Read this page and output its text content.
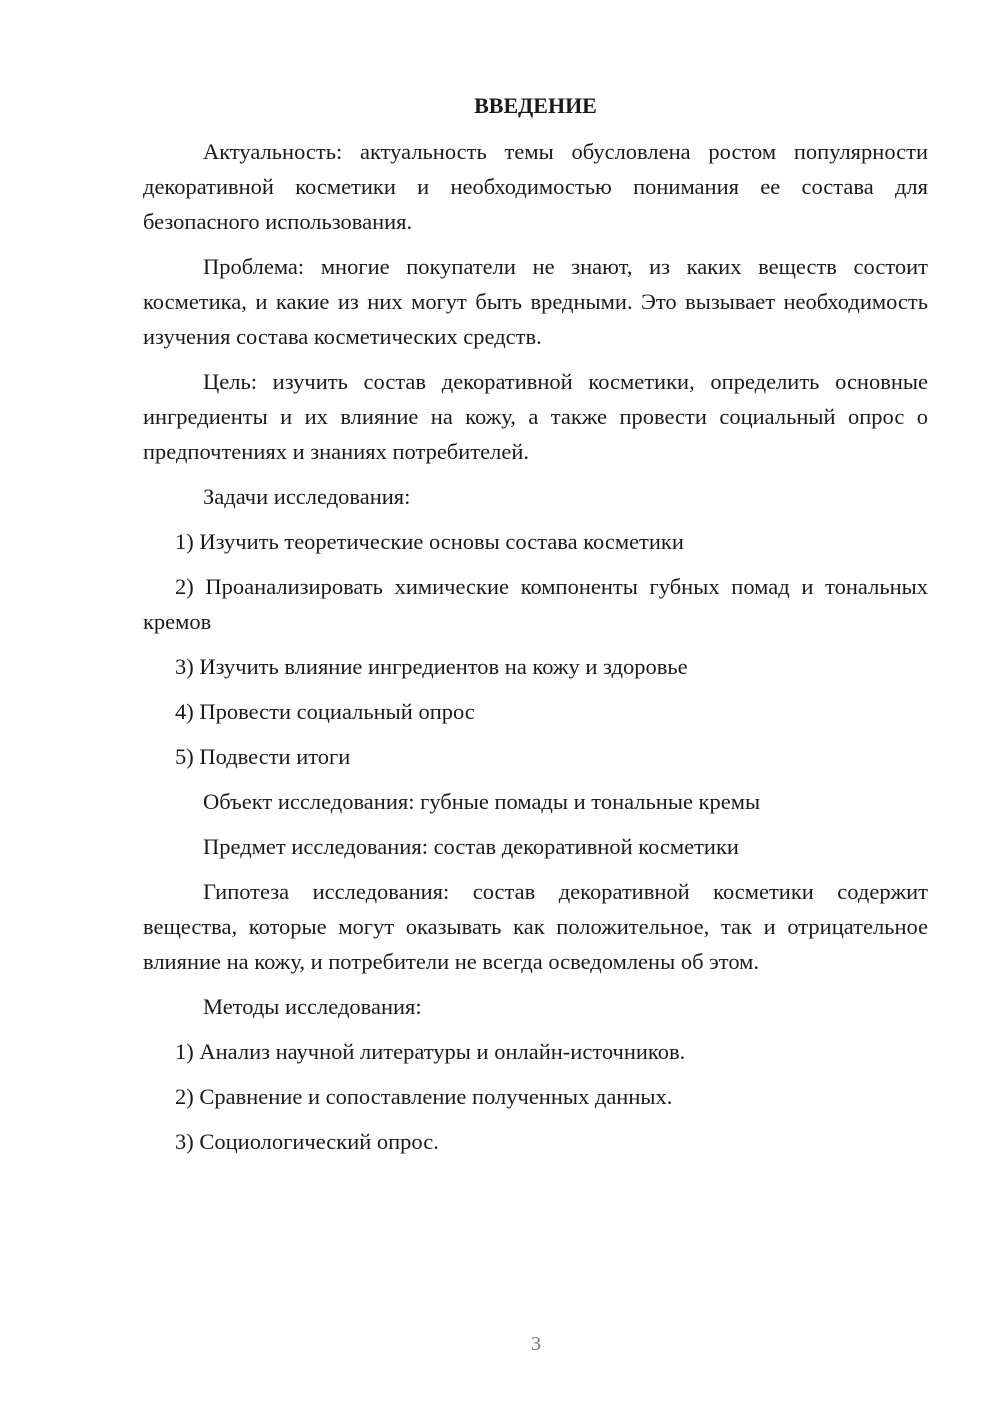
ВВЕДЕНИЕ

Актуальность: актуальность темы обусловлена ростом популярности декоративной косметики и необходимостью понимания ее состава для безопасного использования.

Проблема: многие покупатели не знают, из каких веществ состоит косметика, и какие из них могут быть вредными. Это вызывает необходимость изучения состава косметических средств.

Цель: изучить состав декоративной косметики, определить основные ингредиенты и их влияние на кожу, а также провести социальный опрос о предпочтениях и знаниях потребителей.

Задачи исследования:

1) Изучить теоретические основы состава косметики

2) Проанализировать химические компоненты губных помад и тональных кремов

3) Изучить влияние ингредиентов на кожу и здоровье

4) Провести социальный опрос

5) Подвести итоги

Объект исследования: губные помады и тональные кремы

Предмет исследования: состав декоративной косметики

Гипотеза исследования: состав декоративной косметики содержит вещества, которые могут оказывать как положительное, так и отрицательное влияние на кожу, и потребители не всегда осведомлены об этом.

Методы исследования:

1) Анализ научной литературы и онлайн-источников.

2) Сравнение и сопоставление полученных данных.

3) Социологический опрос.

3
